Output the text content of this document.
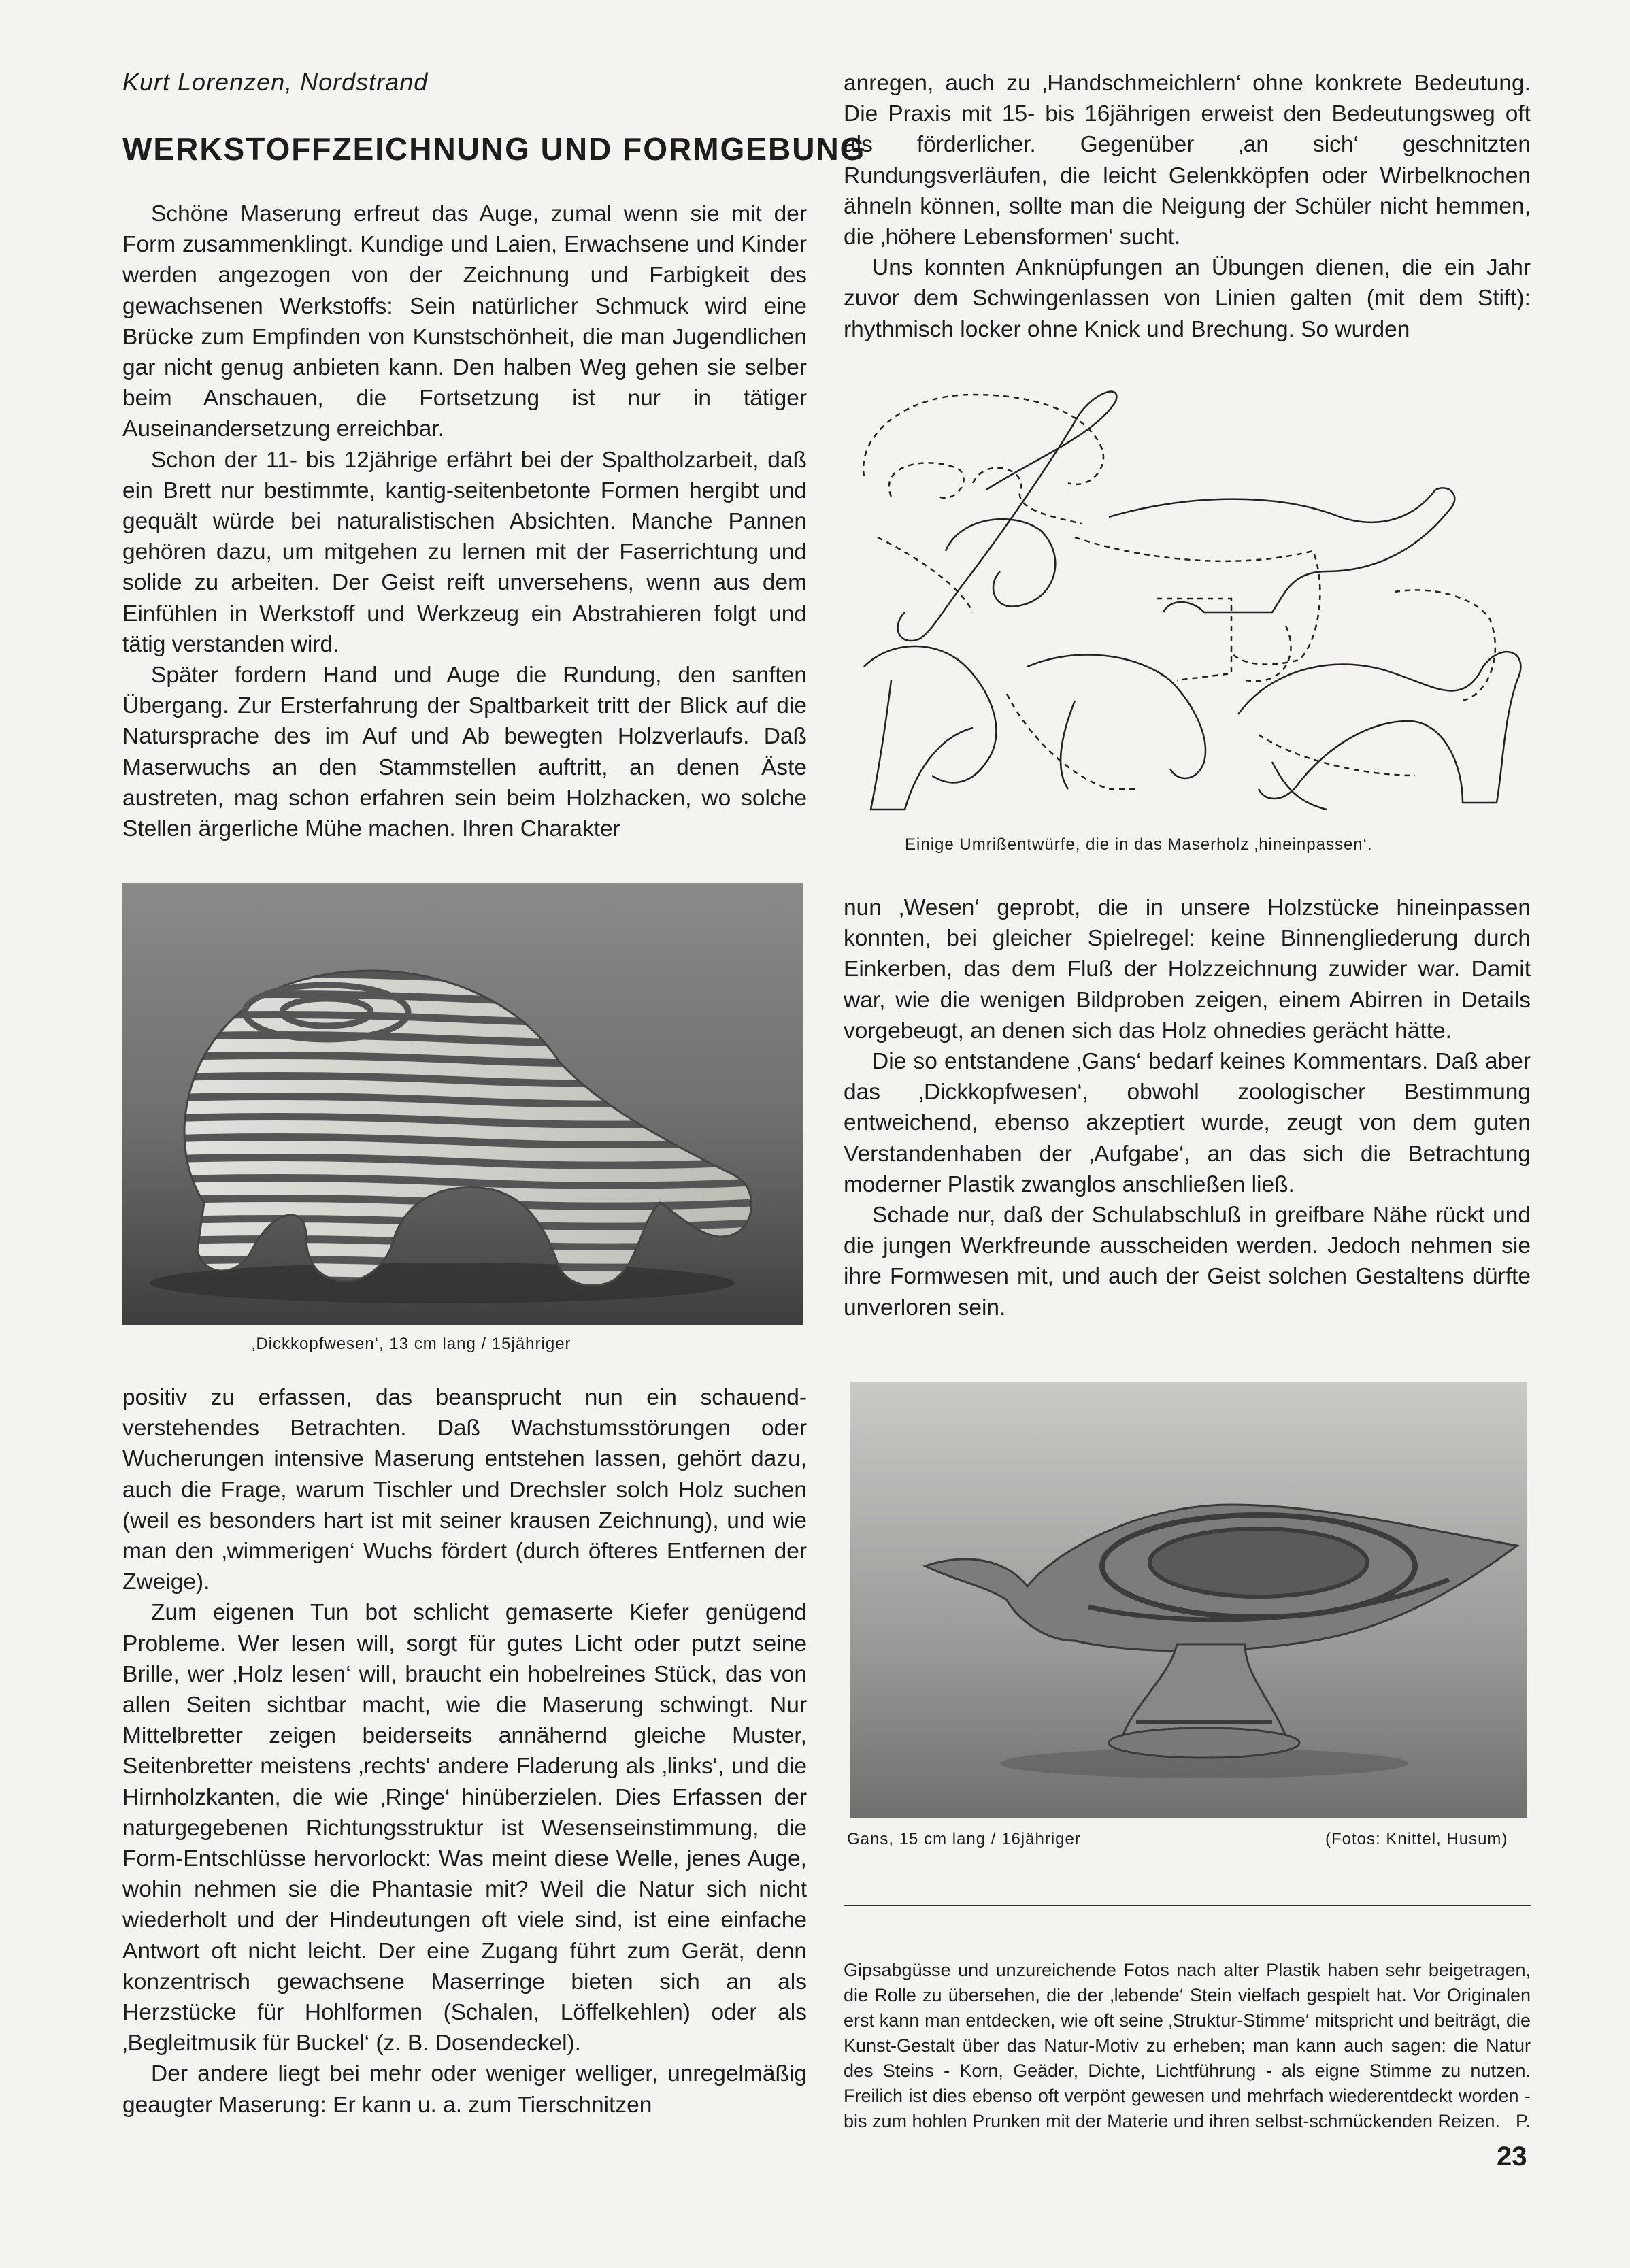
Kurt Lorenzen, Nordstrand
WERKSTOFFZEICHNUNG UND FORMGEBUNG

Schöne Maserung erfreut das Auge, zumal wenn sie mit der Form zusammenklingt. Kundige und Laien, Erwachsene und Kinder werden angezogen von der Zeichnung und Farbigkeit des gewachsenen Werkstoffs: Sein natürlicher Schmuck wird eine Brücke zum Empfinden von Kunstschönheit, die man Jugendlichen gar nicht genug anbieten kann. Den halben Weg gehen sie selber beim Anschauen, die Fortsetzung ist nur in tätiger Auseinandersetzung erreichbar.

Schon der 11- bis 12jährige erfährt bei der Spaltholzarbeit, daß ein Brett nur bestimmte, kantig-seitenbetonte Formen hergibt und gequält würde bei naturalistischen Absichten. Manche Pannen gehören dazu, um mitgehen zu lernen mit der Faserrichtung und solide zu arbeiten. Der Geist reift unversehens, wenn aus dem Einfühlen in Werkstoff und Werkzeug ein Abstrahieren folgt und tätig verstanden wird.

Später fordern Hand und Auge die Rundung, den sanften Übergang. Zur Ersterfahrung der Spaltbarkeit tritt der Blick auf die Natursprache des im Auf und Ab bewegten Holzverlaufs. Daß Maserwuchs an den Stammstellen auftritt, an denen Äste austreten, mag schon erfahren sein beim Holzhacken, wo solche Stellen ärgerliche Mühe machen. Ihren Charakter

‚Dickkopfwesen‘, 13 cm lang / 15jähriger

positiv zu erfassen, das beansprucht nun ein schauend-verstehendes Betrachten. Daß Wachstumsstörungen oder Wucherungen intensive Maserung entstehen lassen, gehört dazu, auch die Frage, warum Tischler und Drechsler solch Holz suchen (weil es besonders hart ist mit seiner krausen Zeichnung), und wie man den ‚wimmerigen‘ Wuchs fördert (durch öfteres Entfernen der Zweige).

Zum eigenen Tun bot schlicht gemaserte Kiefer genügend Probleme. Wer lesen will, sorgt für gutes Licht oder putzt seine Brille, wer ‚Holz lesen‘ will, braucht ein hobelreines Stück, das von allen Seiten sichtbar macht, wie die Maserung schwingt. Nur Mittelbretter zeigen beiderseits annähernd gleiche Muster, Seitenbretter meistens ‚rechts‘ andere Fladerung als ‚links‘, und die Hirnholzkanten, die wie ‚Ringe‘ hinüberzielen. Dies Erfassen der naturgegebenen Richtungsstruktur ist Wesenseinstimmung, die Form-Entschlüsse hervorlockt: Was meint diese Welle, jenes Auge, wohin nehmen sie die Phantasie mit? Weil die Natur sich nicht wiederholt und der Hindeutungen oft viele sind, ist eine einfache Antwort oft nicht leicht. Der eine Zugang führt zum Gerät, denn konzentrisch gewachsene Maserringe bieten sich an als Herzstücke für Hohlformen (Schalen, Löffelkehlen) oder als ‚Begleitmusik für Buckel‘ (z. B. Dosendeckel).

Der andere liegt bei mehr oder weniger welliger, unregelmäßig geaugter Maserung: Er kann u. a. zum Tierschnitzen

anregen, auch zu ‚Handschmeichlern‘ ohne konkrete Bedeutung. Die Praxis mit 15- bis 16jährigen erweist den Bedeutungsweg oft als förderlicher. Gegenüber ‚an sich‘ geschnitzten Rundungsverläufen, die leicht Gelenkköpfen oder Wirbelknochen ähneln können, sollte man die Neigung der Schüler nicht hemmen, die ‚höhere Lebensformen‘ sucht.

Uns konnten Anknüpfungen an Übungen dienen, die ein Jahr zuvor dem Schwingenlassen von Linien galten (mit dem Stift): rhythmisch locker ohne Knick und Brechung. So wurden

Einige Umrißentwürfe, die in das Maserholz ‚hineinpassen‘.

nun ‚Wesen‘ geprobt, die in unsere Holzstücke hineinpassen konnten, bei gleicher Spielregel: keine Binnengliederung durch Einkerben, das dem Fluß der Holzzeichnung zuwider war. Damit war, wie die wenigen Bildproben zeigen, einem Abirren in Details vorgebeugt, an denen sich das Holz ohnedies gerächt hätte.

Die so entstandene ‚Gans‘ bedarf keines Kommentars. Daß aber das ‚Dickkopfwesen‘, obwohl zoologischer Bestimmung entweichend, ebenso akzeptiert wurde, zeugt von dem guten Verstandenhaben der ‚Aufgabe‘, an das sich die Betrachtung moderner Plastik zwanglos anschließen ließ.

Schade nur, daß der Schulabschluß in greifbare Nähe rückt und die jungen Werkfreunde ausscheiden werden. Jedoch nehmen sie ihre Formwesen mit, und auch der Geist solchen Gestaltens dürfte unverloren sein.

Gans, 15 cm lang / 16jähriger	(Fotos: Knittel, Husum)

Gipsabgüsse und unzureichende Fotos nach alter Plastik haben sehr beigetragen, die Rolle zu übersehen, die der ‚lebende‘ Stein vielfach gespielt hat. Vor Originalen erst kann man entdecken, wie oft seine ‚Struktur-Stimme‘ mitspricht und beiträgt, die Kunst-Gestalt über das Natur-Motiv zu erheben; man kann auch sagen: die Natur des Steins - Korn, Geäder, Dichte, Lichtführung - als eigne Stimme zu nutzen. Freilich ist dies ebenso oft verpönt gewesen und mehrfach wiederentdeckt worden - bis zum hohlen Prunken mit der Materie und ihren selbst-schmückenden Reizen. P.
23
